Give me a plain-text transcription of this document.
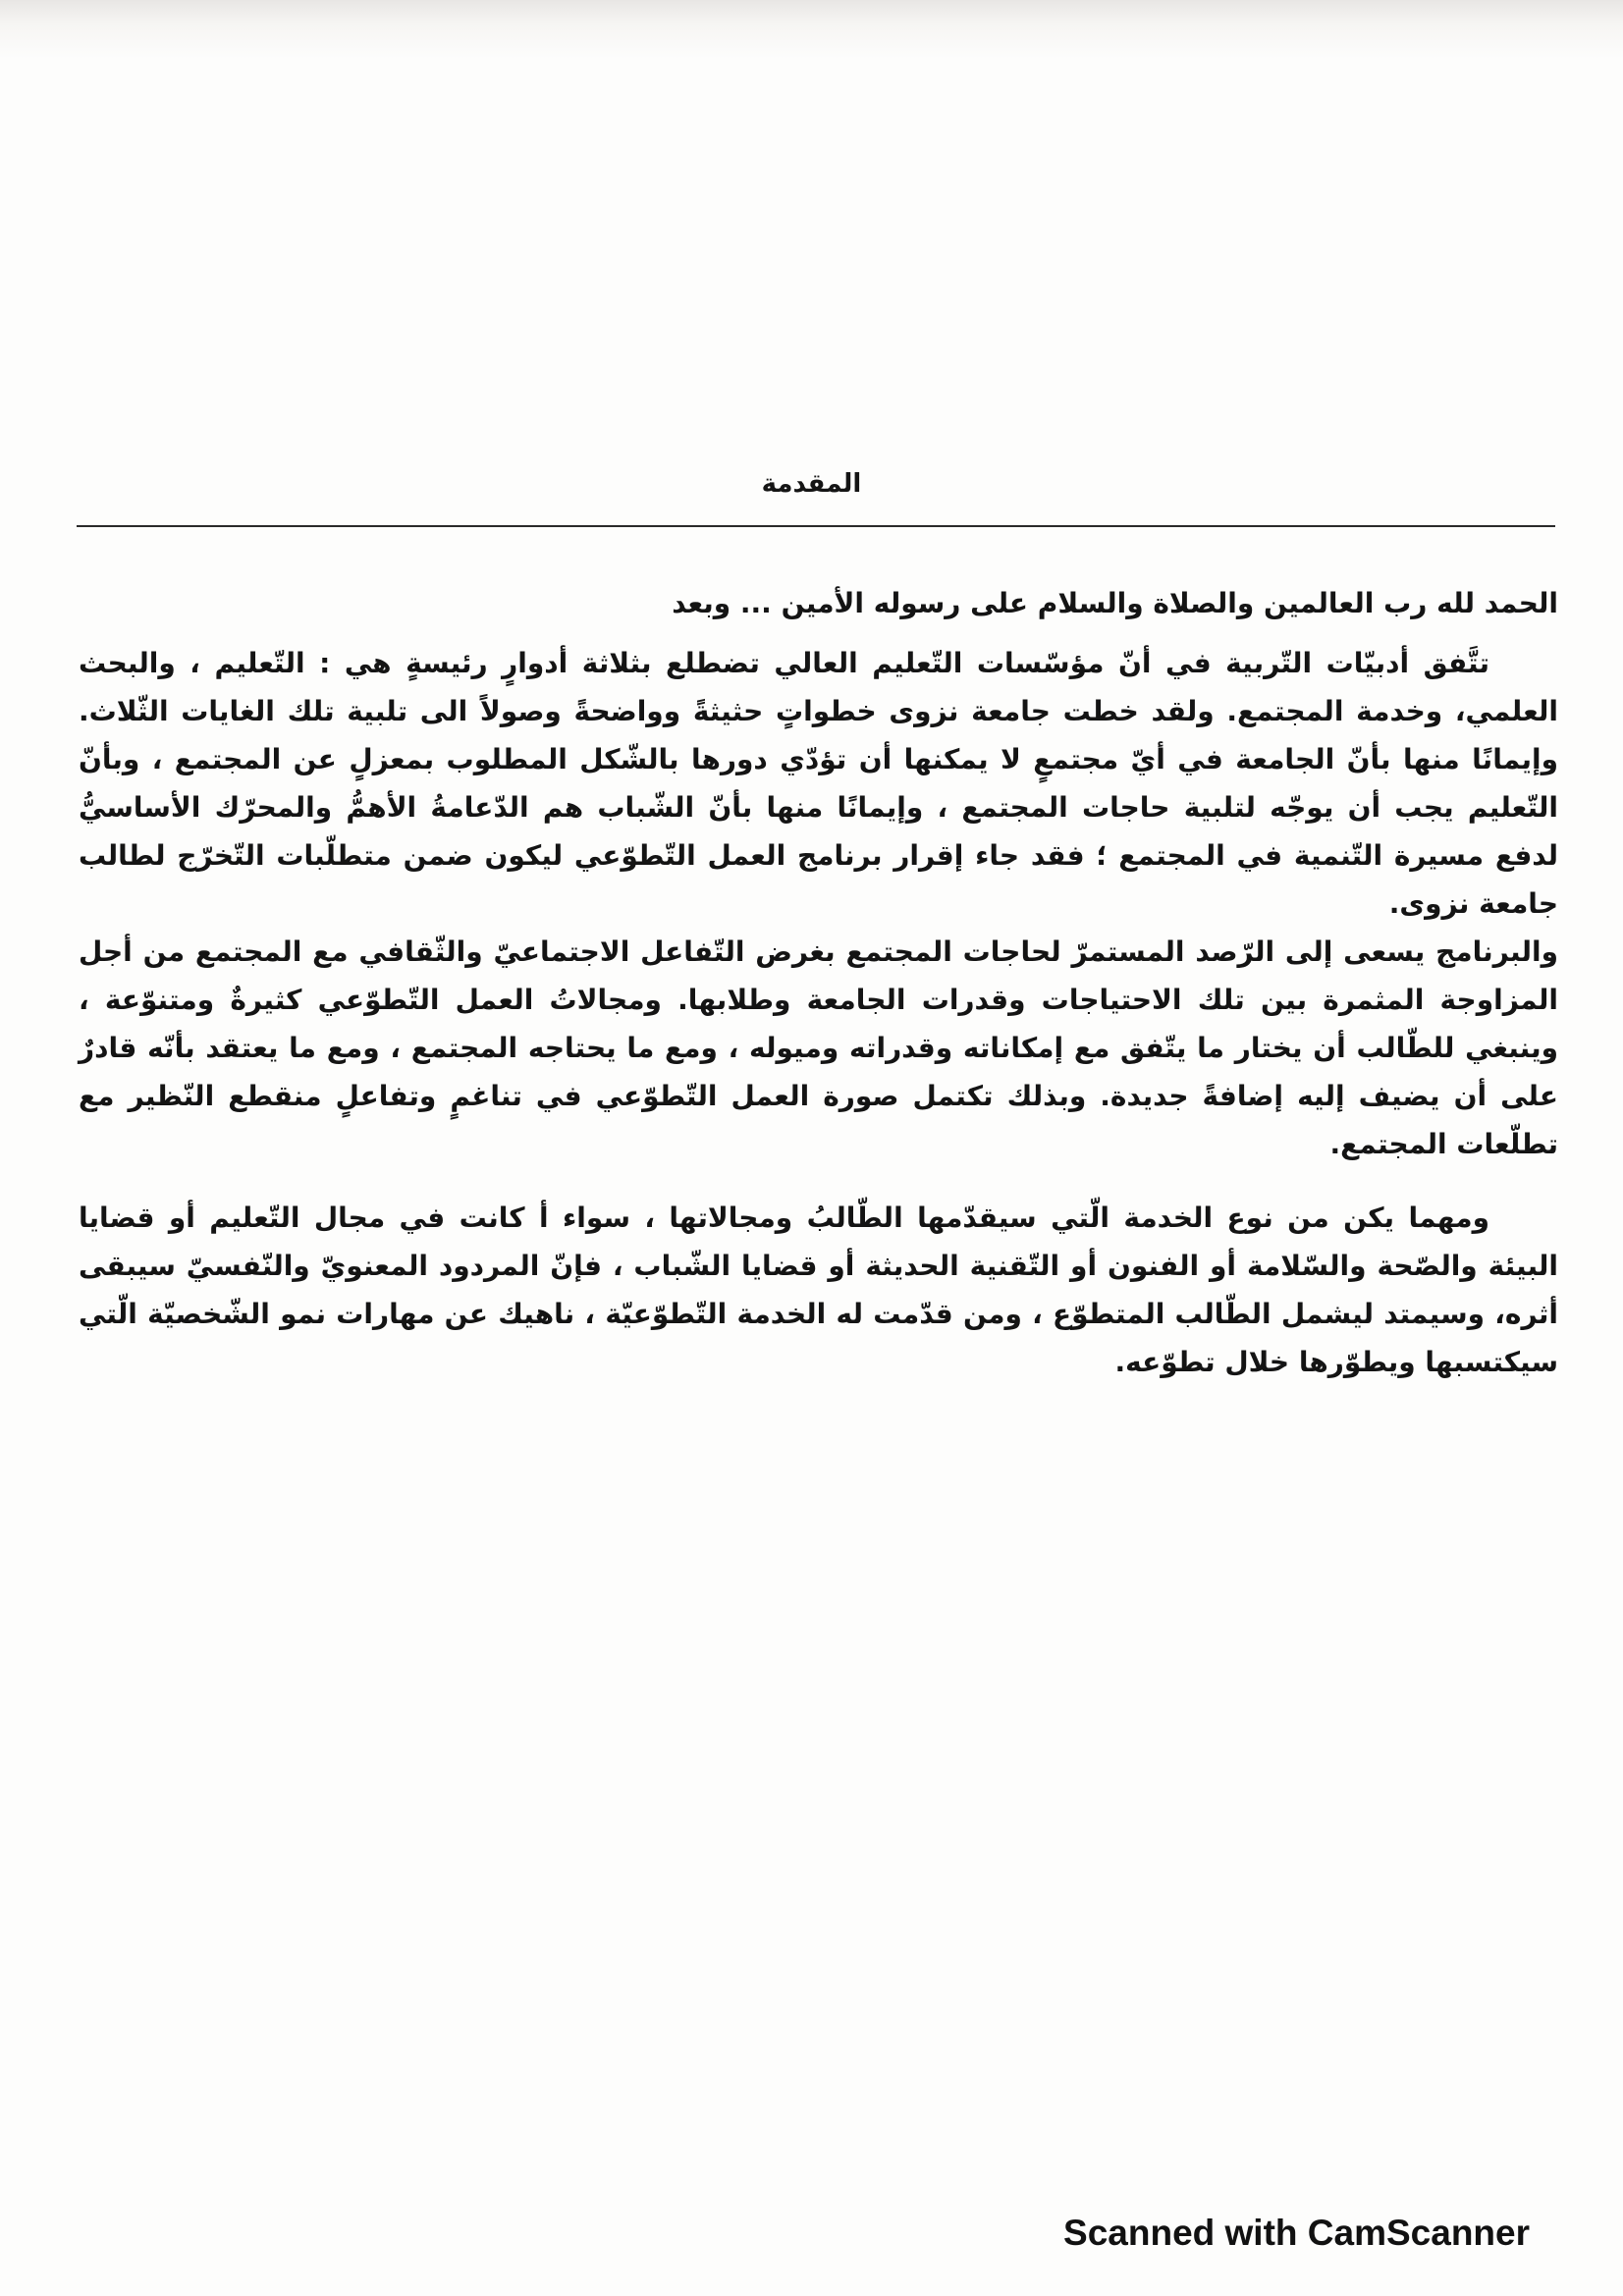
المقدمة

الحمد لله رب العالمين والصلاة والسلام على رسوله الأمين ... وبعد

تتَّفق أدبيّات التّربية في أنّ مؤسّسات التّعليم العالي تضطلع بثلاثة أدوارٍ رئيسةٍ هي : التّعليم ، والبحث العلمي، وخدمة المجتمع. ولقد خطت جامعة نزوى خطواتٍ حثيثةً وواضحةً وصولاً الى تلبية تلك الغايات الثّلاث. وإيمانًا منها بأنّ الجامعة في أيّ مجتمعٍ لا يمكنها أن تؤدّي دورها بالشّكل المطلوب بمعزلٍ عن المجتمع ، وبأنّ التّعليم يجب أن يوجّه لتلبية حاجات المجتمع ، وإيمانًا منها بأنّ الشّباب هم الدّعامةُ الأهمُّ والمحرّك الأساسيُّ لدفع مسيرة التّنمية في المجتمع ؛ فقد جاء إقرار برنامج العمل التّطوّعي ليكون ضمن متطلّبات التّخرّج لطالب جامعة نزوى.

والبرنامج يسعى إلى الرّصد المستمرّ لحاجات المجتمع بغرض التّفاعل الاجتماعيّ والثّقافي مع المجتمع من أجل المزاوجة المثمرة بين تلك الاحتياجات وقدرات الجامعة وطلابها. ومجالاتُ العمل التّطوّعي كثيرةٌ ومتنوّعة ، وينبغي للطّالب أن يختار ما يتّفق مع إمكاناته وقدراته وميوله ، ومع ما يحتاجه المجتمع ، ومع ما يعتقد بأنّه قادرٌ على أن يضيف إليه إضافةً جديدة. وبذلك تكتمل صورة العمل التّطوّعي في تناغمٍ وتفاعلٍ منقطع النّظير مع تطلّعات المجتمع.

ومهما يكن من نوع الخدمة الّتي سيقدّمها الطّالبُ ومجالاتها ، سواء أ كانت في مجال التّعليم أو قضايا البيئة والصّحة والسّلامة أو الفنون أو التّقنية الحديثة أو قضايا الشّباب ، فإنّ المردود المعنويّ والنّفسيّ سيبقى أثره، وسيمتد ليشمل الطّالب المتطوّع ، ومن قدّمت له الخدمة التّطوّعيّة ، ناهيك عن مهارات نمو الشّخصيّة الّتي سيكتسبها ويطوّرها خلال تطوّعه.

Scanned with CamScanner
